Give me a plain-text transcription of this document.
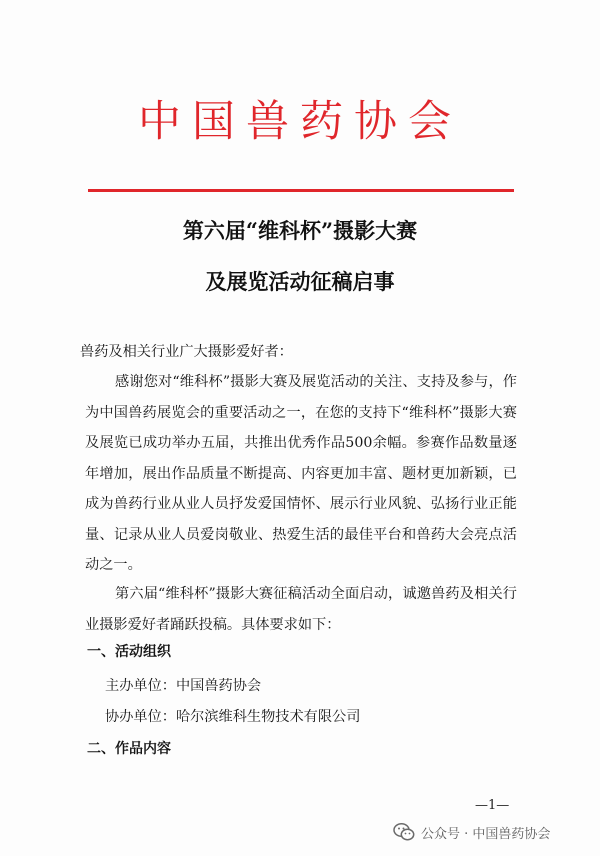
中国兽药协会
第六届“维科杯”摄影大赛
及展览活动征稿启事
兽药及相关行业广大摄影爱好者：
感谢您对“维科杯”摄影大赛及展览活动的关注、支持及参与，作为中国兽药展览会的重要活动之一，在您的支持下“维科杯”摄影大赛及展览已成功举办五届，共推出优秀作品500余幅。参赛作品数量逐年增加，展出作品质量不断提高、内容更加丰富、题材更加新颖，已成为兽药行业从业人员抒发爱国情怀、展示行业风貌、弘扬行业正能量、记录从业人员爱岗敬业、热爱生活的最佳平台和兽药大会亮点活动之一。
第六届“维科杯”摄影大赛征稿活动全面启动，诚邀兽药及相关行业摄影爱好者踊跃投稿。具体要求如下：
一、活动组织
主办单位：中国兽药协会
协办单位：哈尔滨维科生物技术有限公司
二、作品内容
—1—
公众号 · 中国兽药协会
